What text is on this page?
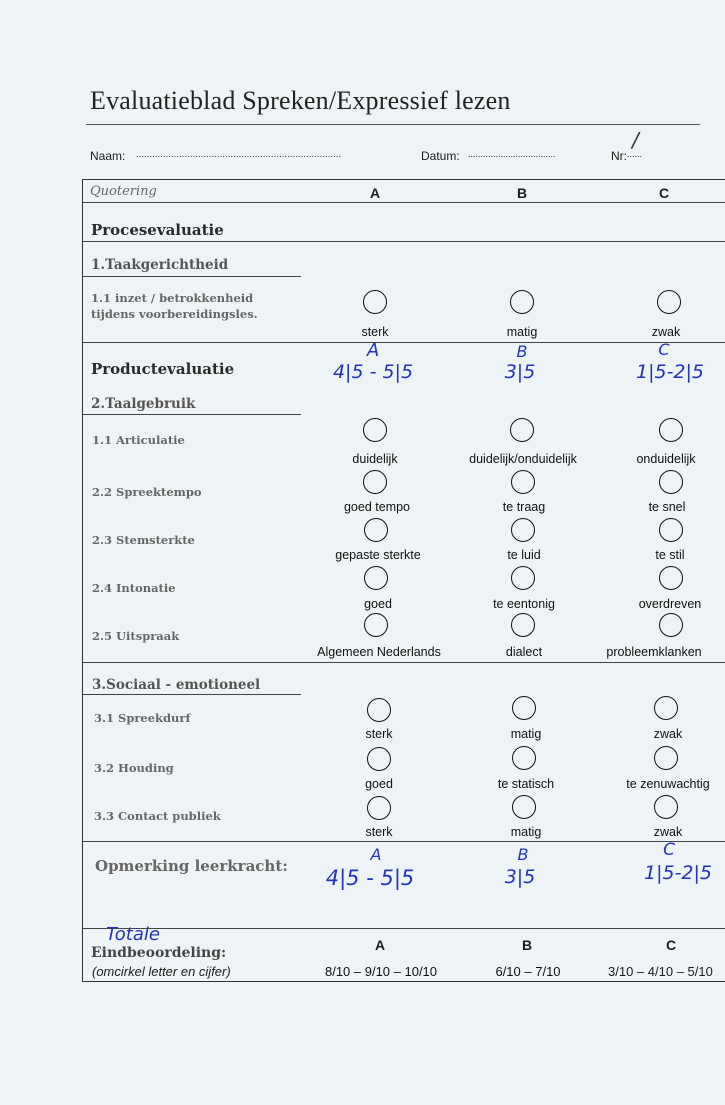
Evaluatieblad Spreken/Expressief lezen
Naam: ............................................................................	Datum: ...................................	Nr: ......
/
Quotering	A	B	C
Procesevaluatie
1.Taakgerichtheid
1.1 inzet / betrokkenheid
tijdens voorbereidingsles.
sterk	matig	zwak
Productevaluatie
A	B	C
4|5 - 5|5	3|5	1|5-2|5
2.Taalgebruik
1.1 Articulatie
duidelijk	duidelijk/onduidelijk	onduidelijk
2.2 Spreektempo
goed tempo	te traag	te snel
2.3 Stemsterkte
gepaste sterkte	te luid	te stil
2.4 Intonatie
goed	te eentonig	overdreven
2.5 Uitspraak
Algemeen Nederlands	dialect	probleemklanken
3.Sociaal - emotioneel
3.1 Spreekdurf
sterk	matig	zwak
3.2 Houding
goed	te statisch	te zenuwachtig
3.3 Contact publiek
sterk	matig	zwak
Opmerking leerkracht:
A	B	C
4|5 - 5|5	3|5	1|5-2|5
Totale
Eindbeoordeling:
(omcirkel letter en cijfer)
A	B	C
8/10 – 9/10 – 10/10	6/10 – 7/10	3/10 – 4/10 – 5/10
